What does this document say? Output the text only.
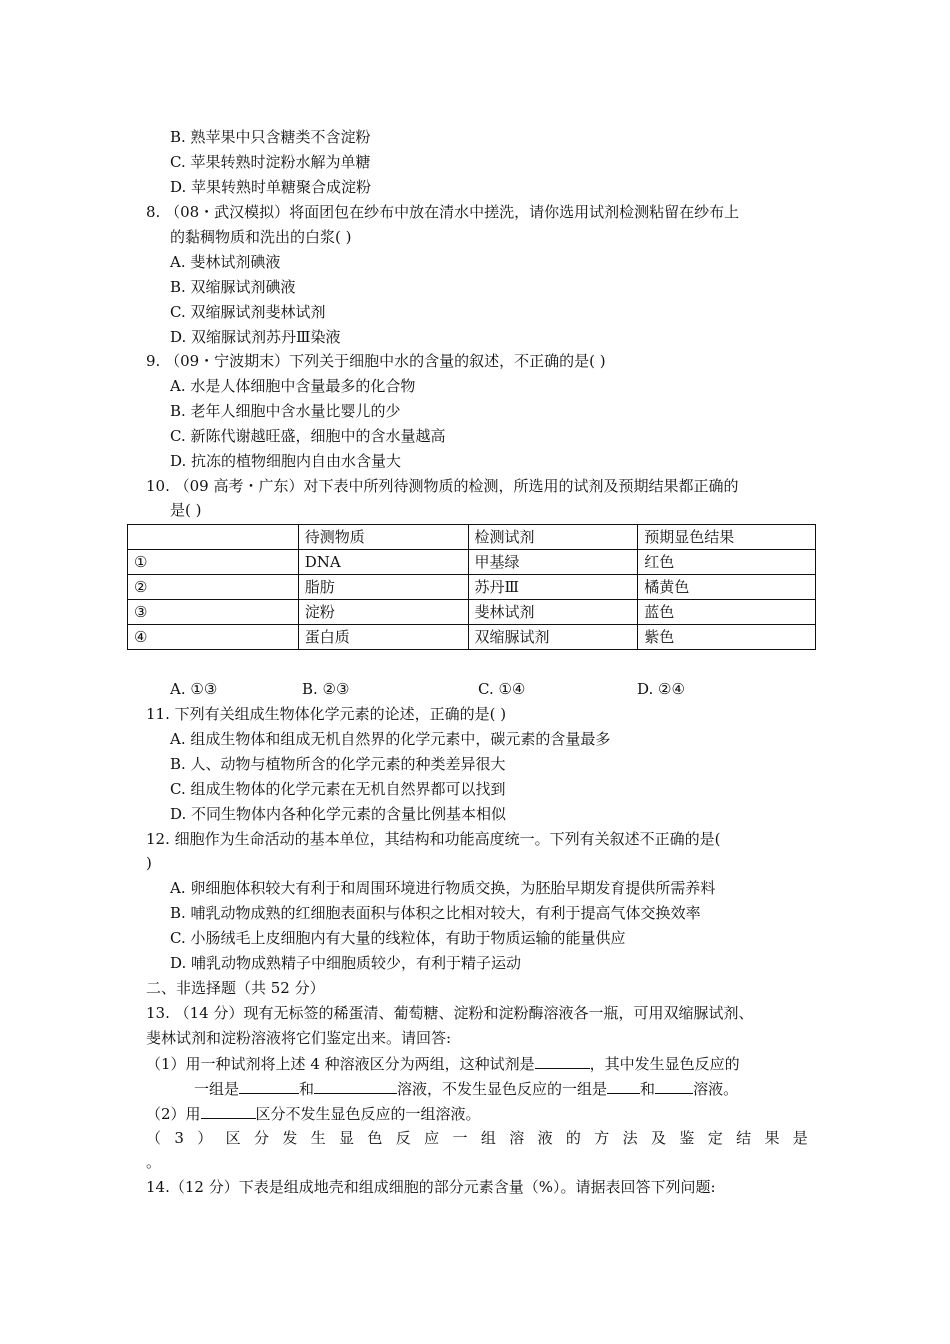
B. 熟苹果中只含糖类不含淀粉
C. 苹果转熟时淀粉水解为单糖
D. 苹果转熟时单糖聚合成淀粉
8. （08・武汉模拟）将面团包在纱布中放在清水中搓洗，请你选用试剂检测粘留在纱布上
的黏稠物质和洗出的白浆( )
A. 斐林试剂碘液
B. 双缩脲试剂碘液
C. 双缩脲试剂斐林试剂
D. 双缩脲试剂苏丹Ⅲ染液
9. （09・宁波期末）下列关于细胞中水的含量的叙述，不正确的是( )
A. 水是人体细胞中含量最多的化合物
B. 老年人细胞中含水量比婴儿的少
C. 新陈代谢越旺盛，细胞中的含水量越高
D. 抗冻的植物细胞内自由水含量大
10. （09 高考・广东）对下表中所列待测物质的检测，所选用的试剂及预期结果都正确的
是( )
	待测物质	检测试剂	预期显色结果
①	DNA	甲基绿	红色
②	脂肪	苏丹Ⅲ	橘黄色
③	淀粉	斐林试剂	蓝色
④	蛋白质	双缩脲试剂	紫色
A. ①③	B. ②③	C. ①④	D. ②④
11. 下列有关组成生物体化学元素的论述，正确的是( )
A. 组成生物体和组成无机自然界的化学元素中，碳元素的含量最多
B. 人、动物与植物所含的化学元素的种类差异很大
C. 组成生物体的化学元素在无机自然界都可以找到
D. 不同生物体内各种化学元素的含量比例基本相似
12. 细胞作为生命活动的基本单位，其结构和功能高度统一。下列有关叙述不正确的是(
)
A. 卵细胞体积较大有利于和周围环境进行物质交换，为胚胎早期发育提供所需养料
B. 哺乳动物成熟的红细胞表面积与体积之比相对较大，有利于提高气体交换效率
C. 小肠绒毛上皮细胞内有大量的线粒体，有助于物质运输的能量供应
D. 哺乳动物成熟精子中细胞质较少，有利于精子运动
二、非选择题（共 52 分）
13. （14 分）现有无标签的稀蛋清、葡萄糖、淀粉和淀粉酶溶液各一瓶，可用双缩脲试剂、
斐林试剂和淀粉溶液将它们鉴定出来。请回答:
（1）用一种试剂将上述 4 种溶液区分为两组，这种试剂是	，其中发生显色反应的
一组是	和	溶液，不发生显色反应的一组是 和	溶液。
（2）用	区分不发生显色反应的一组溶液。
（ 3 ） 区 分 发 生 显 色 反 应 一 组 溶 液 的 方 法 及 鉴 定 结 果 是
。
14.（12 分）下表是组成地壳和组成细胞的部分元素含量（%）。请据表回答下列问题:
